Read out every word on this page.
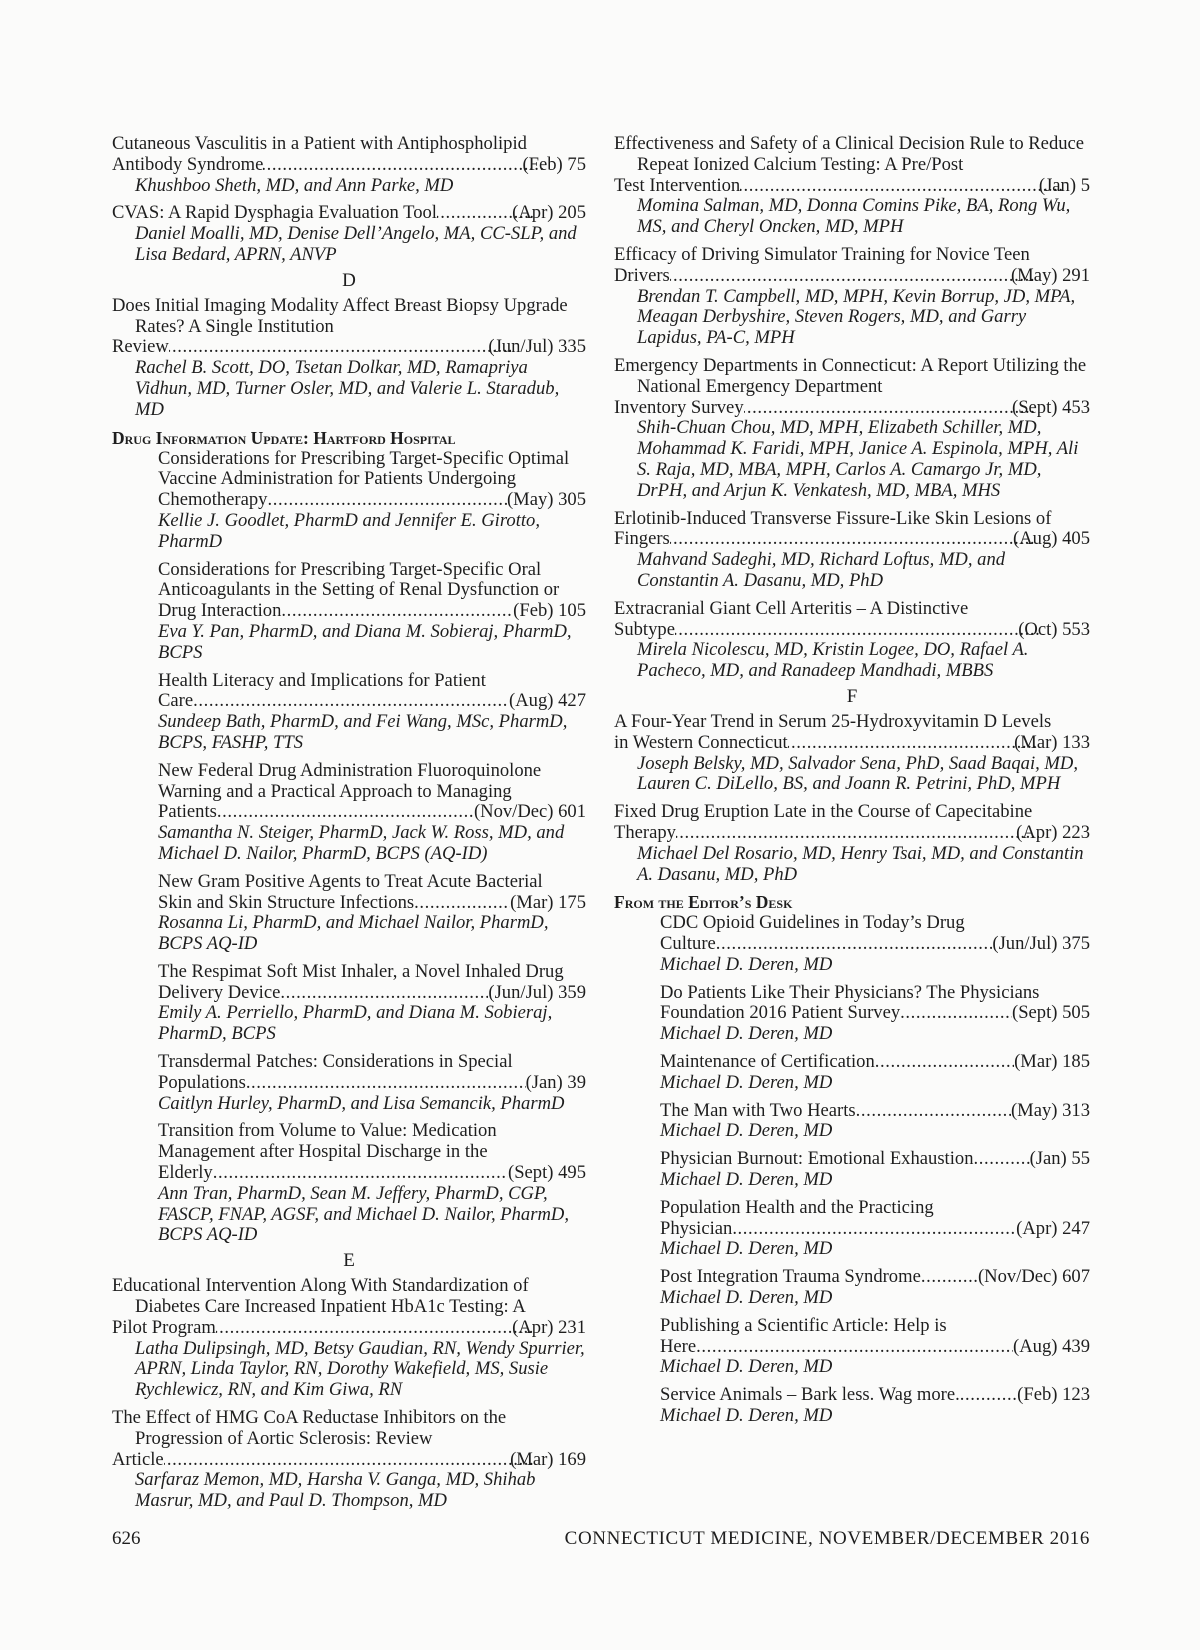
Cutaneous Vasculitis in a Patient with Antiphospholipid
Antibody Syndrome .....	(Feb) 75
Khushboo Sheth, MD, and Ann Parke, MD
CVAS: A Rapid Dysphagia Evaluation Tool .....	(Apr) 205
Daniel Moalli, MD, Denise Dell’Angelo, MA, CC-SLP, and Lisa Bedard, APRN, ANVP
D
Does Initial Imaging Modality Affect Breast Biopsy Upgrade Rates? A Single Institution
Review .....	(Jun/Jul) 335
Rachel B. Scott, DO, Tsetan Dolkar, MD, Ramapriya Vidhun, MD, Turner Osler, MD, and Valerie L. Staradub, MD
Drug Information Update: Hartford Hospital
Considerations for Prescribing Target-Specific Optimal Vaccine Administration for Patients Undergoing
Chemotherapy .....	(May) 305
Kellie J. Goodlet, PharmD and Jennifer E. Girotto, PharmD
Considerations for Prescribing Target-Specific Oral Anticoagulants in the Setting of Renal Dysfunction or
Drug Interaction .....	(Feb) 105
Eva Y. Pan, PharmD, and Diana M. Sobieraj, PharmD, BCPS
Health Literacy and Implications for Patient
Care .....	(Aug) 427
Sundeep Bath, PharmD, and Fei Wang, MSc, PharmD, BCPS, FASHP, TTS
New Federal Drug Administration Fluoroquinolone Warning and a Practical Approach to Managing
Patients .....	(Nov/Dec) 601
Samantha N. Steiger, PharmD, Jack W. Ross, MD, and Michael D. Nailor, PharmD, BCPS (AQ-ID)
New Gram Positive Agents to Treat Acute Bacterial
Skin and Skin Structure Infections .....	(Mar) 175
Rosanna Li, PharmD, and Michael Nailor, PharmD, BCPS AQ-ID
The Respimat Soft Mist Inhaler, a Novel Inhaled Drug
Delivery Device .....	(Jun/Jul) 359
Emily A. Perriello, PharmD, and Diana M. Sobieraj, PharmD, BCPS
Transdermal Patches: Considerations in Special
Populations .....	(Jan) 39
Caitlyn Hurley, PharmD, and Lisa Semancik, PharmD
Transition from Volume to Value: Medication Management after Hospital Discharge in the
Elderly .....	(Sept) 495
Ann Tran, PharmD, Sean M. Jeffery, PharmD, CGP, FASCP, FNAP, AGSF, and Michael D. Nailor, PharmD, BCPS AQ-ID
E
Educational Intervention Along With Standardization of Diabetes Care Increased Inpatient HbA1c Testing: A
Pilot Program .....	(Apr) 231
Latha Dulipsingh, MD, Betsy Gaudian, RN, Wendy Spurrier, APRN, Linda Taylor, RN, Dorothy Wakefield, MS, Susie Rychlewicz, RN, and Kim Giwa, RN
The Effect of HMG CoA Reductase Inhibitors on the Progression of Aortic Sclerosis: Review
Article .....	(Mar) 169
Sarfaraz Memon, MD, Harsha V. Ganga, MD, Shihab Masrur, MD, and Paul D. Thompson, MD
Effectiveness and Safety of a Clinical Decision Rule to Reduce Repeat Ionized Calcium Testing: A Pre/Post
Test Intervention .....	(Jan) 5
Momina Salman, MD, Donna Comins Pike, BA, Rong Wu, MS, and Cheryl Oncken, MD, MPH
Efficacy of Driving Simulator Training for Novice Teen
Drivers .....	(May) 291
Brendan T. Campbell, MD, MPH, Kevin Borrup, JD, MPA, Meagan Derbyshire, Steven Rogers, MD, and Garry Lapidus, PA-C, MPH
Emergency Departments in Connecticut: A Report Utilizing the National Emergency Department
Inventory Survey .....	(Sept) 453
Shih-Chuan Chou, MD, MPH, Elizabeth Schiller, MD, Mohammad K. Faridi, MPH, Janice A. Espinola, MPH, Ali S. Raja, MD, MBA, MPH, Carlos A. Camargo Jr, MD, DrPH, and Arjun K. Venkatesh, MD, MBA, MHS
Erlotinib-Induced Transverse Fissure-Like Skin Lesions of
Fingers .....	(Aug) 405
Mahvand Sadeghi, MD, Richard Loftus, MD, and Constantin A. Dasanu, MD, PhD
Extracranial Giant Cell Arteritis – A Distinctive
Subtype .....	(Oct) 553
Mirela Nicolescu, MD, Kristin Logee, DO, Rafael A. Pacheco, MD, and Ranadeep Mandhadi, MBBS
F
A Four-Year Trend in Serum 25-Hydroxyvitamin D Levels
in Western Connecticut .....	(Mar) 133
Joseph Belsky, MD, Salvador Sena, PhD, Saad Baqai, MD, Lauren C. DiLello, BS, and Joann R. Petrini, PhD, MPH
Fixed Drug Eruption Late in the Course of Capecitabine
Therapy .....	(Apr) 223
Michael Del Rosario, MD, Henry Tsai, MD, and Constantin A. Dasanu, MD, PhD
From the Editor’s Desk
CDC Opioid Guidelines in Today’s Drug
Culture .....	(Jun/Jul) 375
Michael D. Deren, MD
Do Patients Like Their Physicians? The Physicians
Foundation 2016 Patient Survey .....	(Sept) 505
Michael D. Deren, MD
Maintenance of Certification .....	(Mar) 185
Michael D. Deren, MD
The Man with Two Hearts .....	(May) 313
Michael D. Deren, MD
Physician Burnout: Emotional Exhaustion .....	(Jan) 55
Michael D. Deren, MD
Population Health and the Practicing
Physician .....	(Apr) 247
Michael D. Deren, MD
Post Integration Trauma Syndrome .....	(Nov/Dec) 607
Michael D. Deren, MD
Publishing a Scientific Article: Help is
Here .....	(Aug) 439
Michael D. Deren, MD
Service Animals – Bark less. Wag more. .....	(Feb) 123
Michael D. Deren, MD
626	CONNECTICUT MEDICINE, NOVEMBER/DECEMBER 2016
